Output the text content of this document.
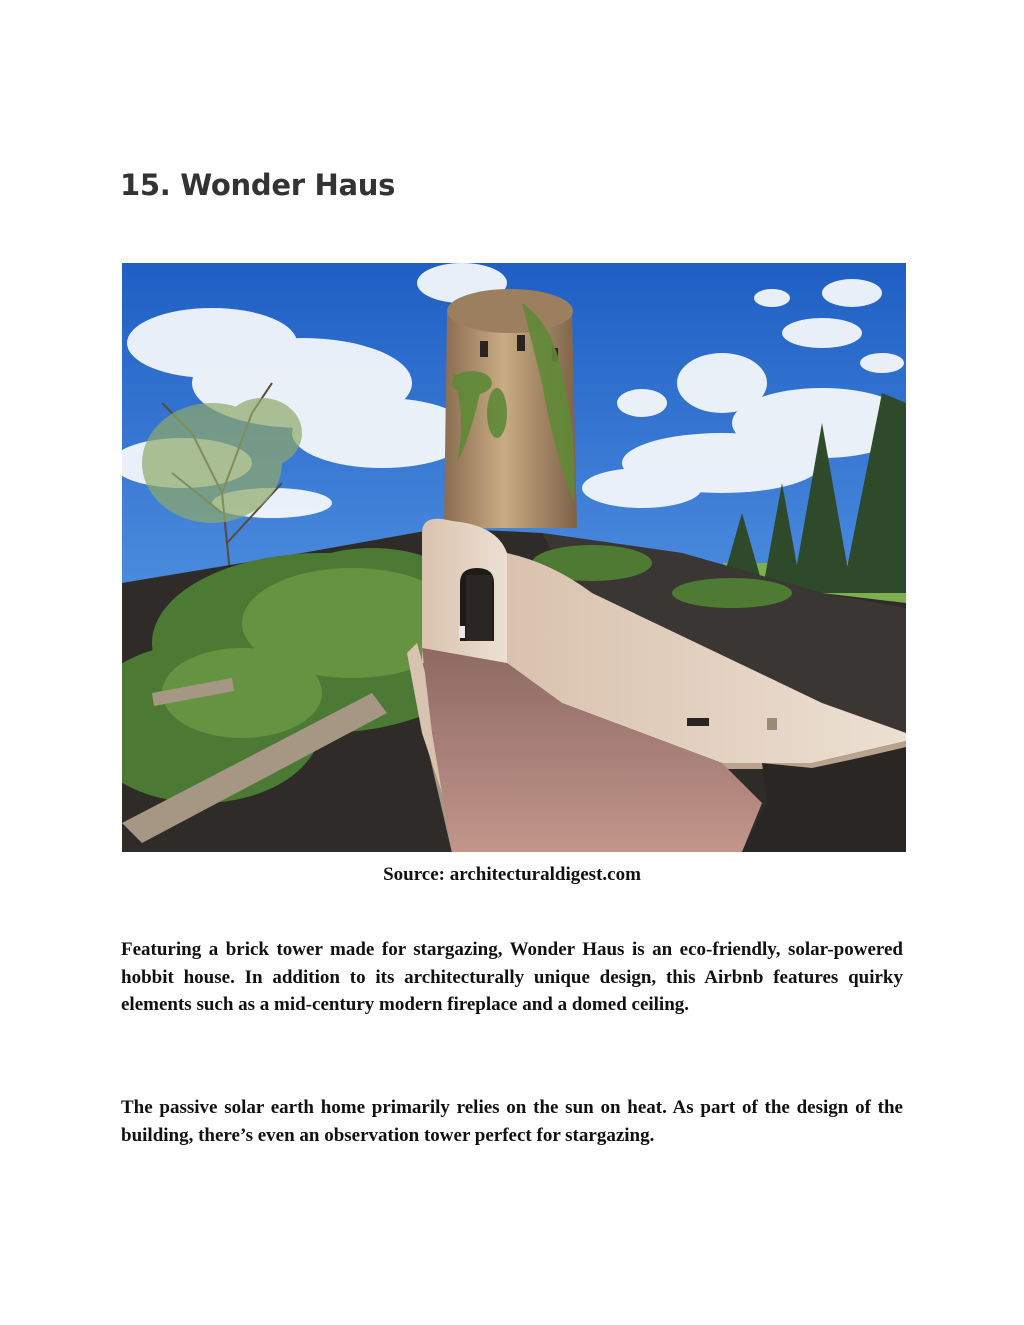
15. Wonder Haus

Source: architecturaldigest.com

Featuring a brick tower made for stargazing, Wonder Haus is an eco-friendly, solar-powered hobbit house. In addition to its architecturally unique design, this Airbnb features quirky elements such as a mid-century modern fireplace and a domed ceiling.

The passive solar earth home primarily relies on the sun on heat. As part of the design of the building, there’s even an observation tower perfect for stargazing.
